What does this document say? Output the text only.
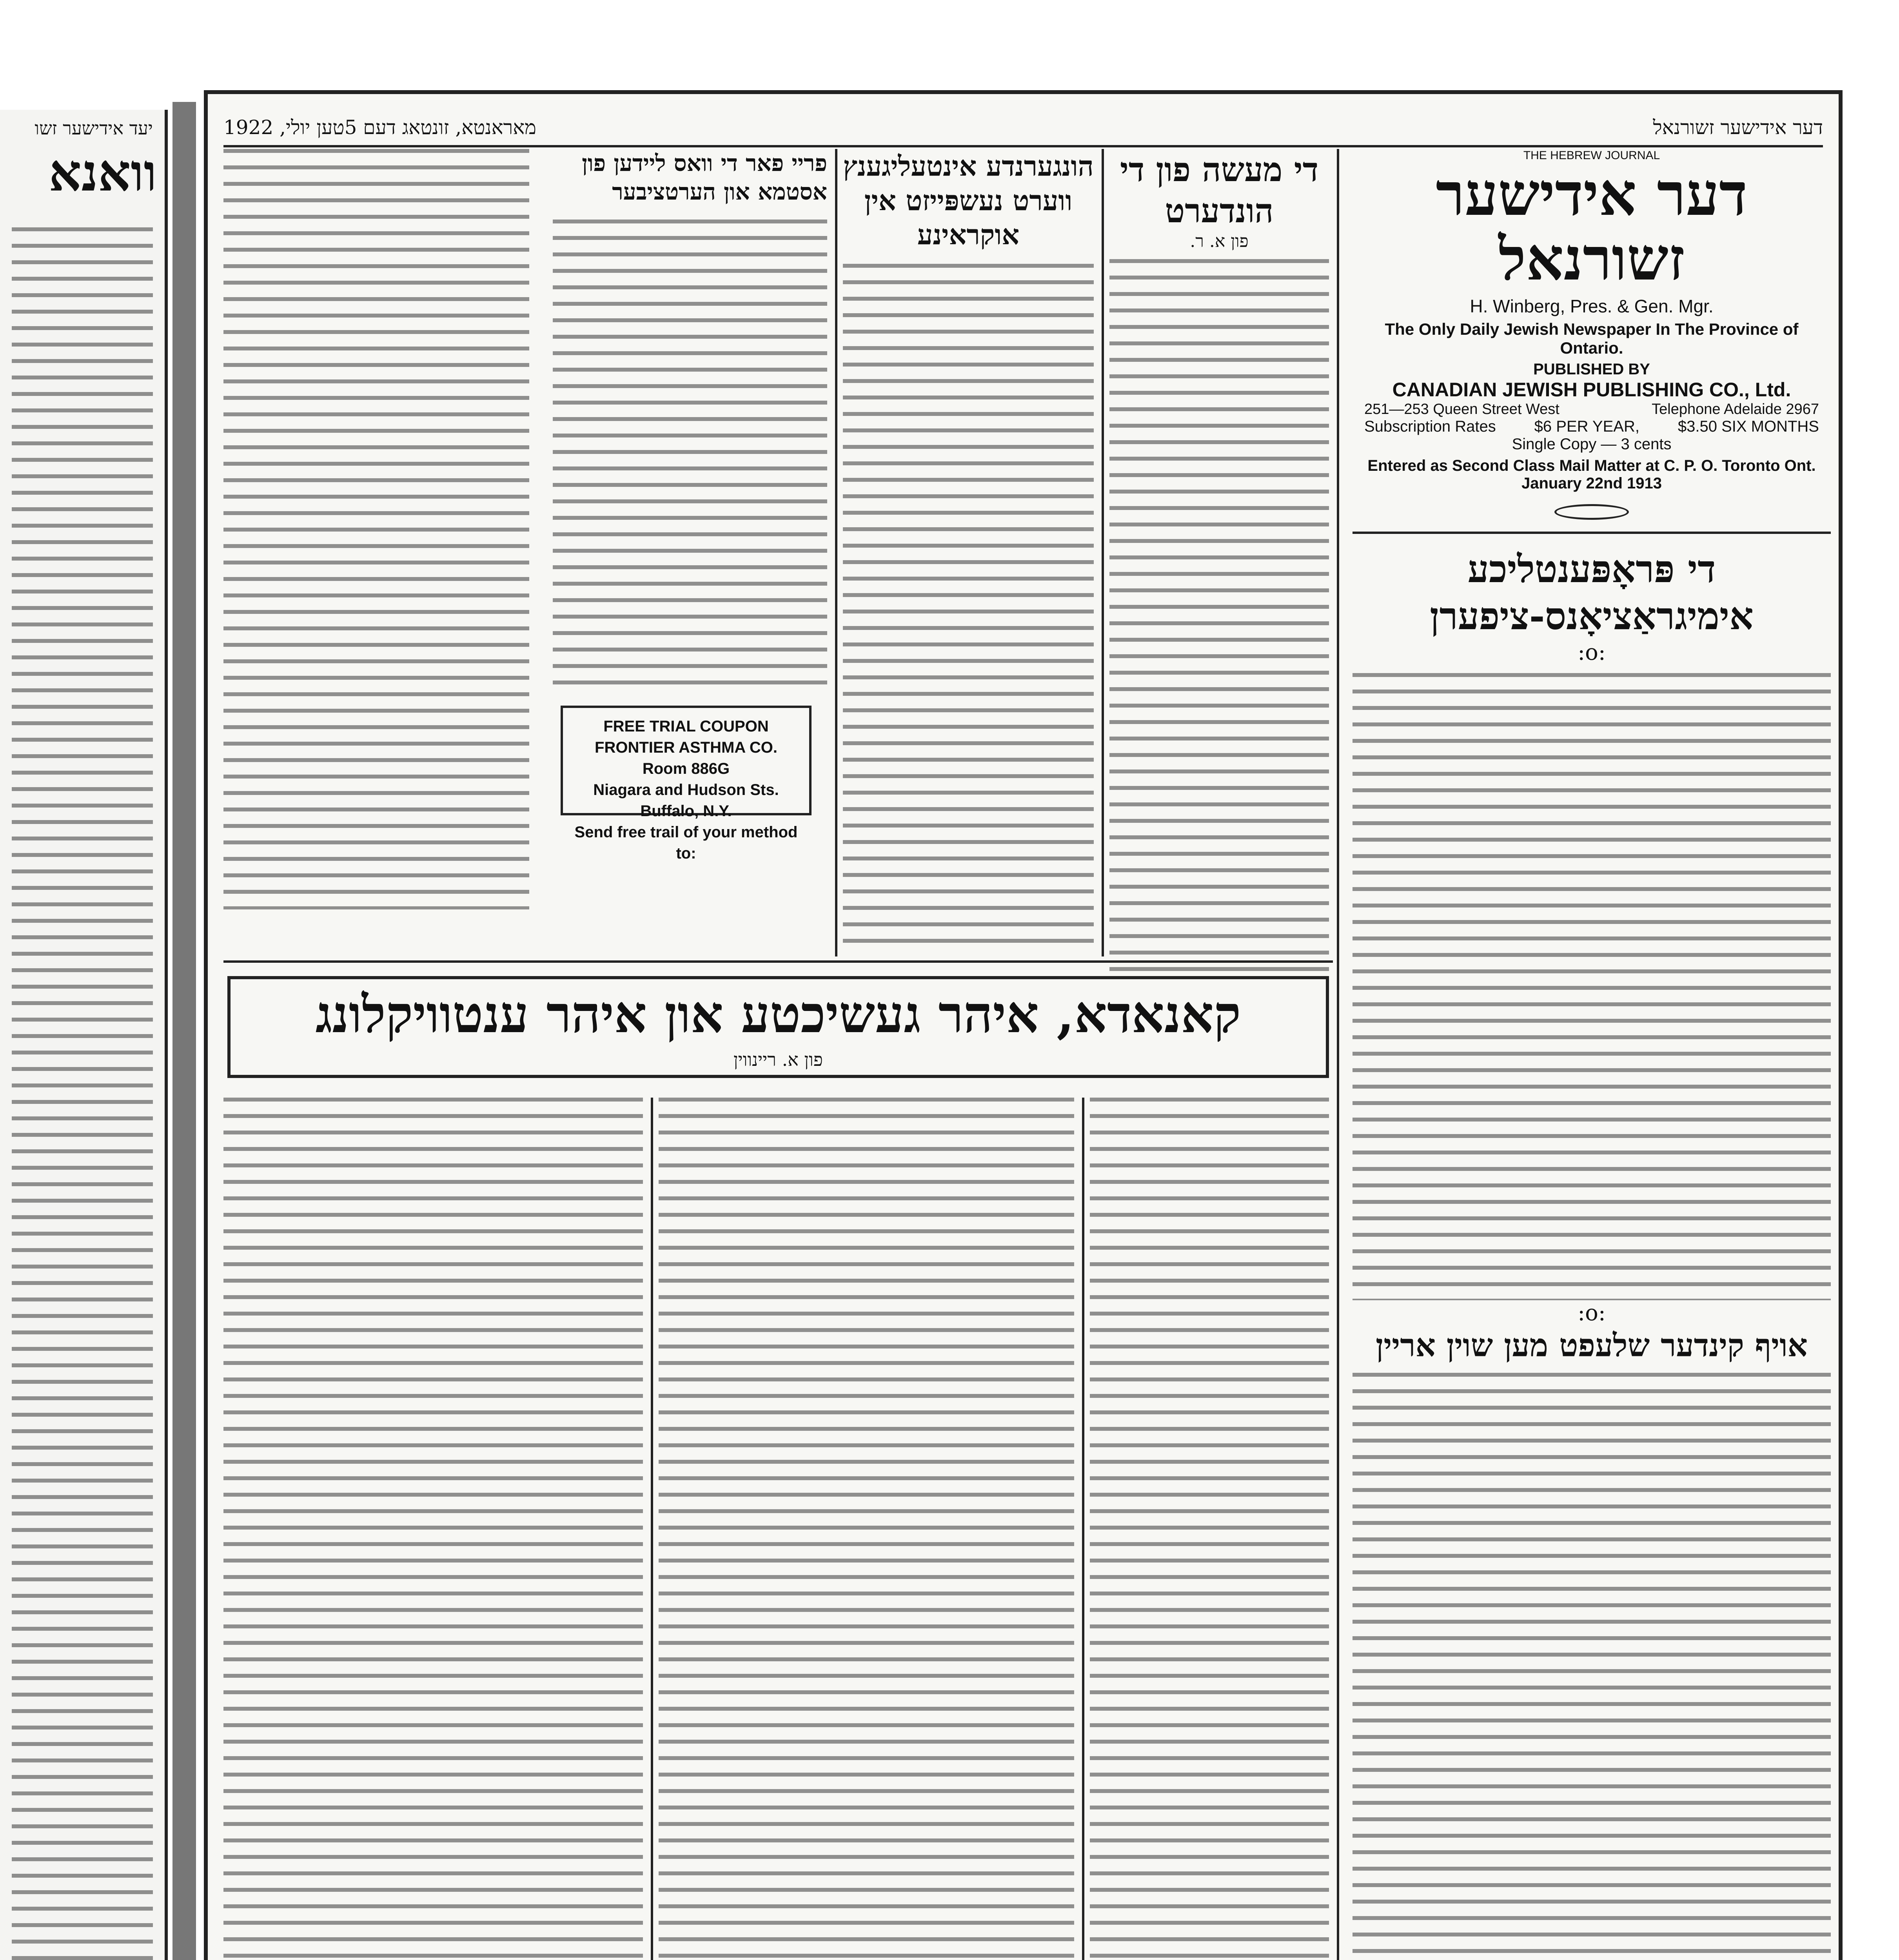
יעד אידישער זשו
וואנא
דער אידישער זשורנאל
מאראנטא, זונטאג דעם 5טען יולי, 1922
THE HEBREW JOURNAL
דער אידישער זשורנאל
H. Winberg, Pres. & Gen. Mgr.
The Only Daily Jewish Newspaper In The Province of Ontario.
PUBLISHED BY
CANADIAN JEWISH PUBLISHING CO., Ltd.
251—253 Queen Street West	Telephone Adelaide 2967
Subscription Rates $6 PER YEAR, $3.50 SIX MONTHS
Single Copy — 3 cents
Entered as Second Class Mail Matter at C. P. O. Toronto Ont.
January 22nd 1913
די פּראָפּענטליכע אימיגראַציאָנס-ציפערן
:o:
:o:
אויף קינדער שלעפט מען שוין אריין
די מעשה פון די הונדערט
פון א. ר.
הונגערנדע אינטעליגענץ ווערט נעשפּייזט אין אוקראינע
פריי פאר די וואס ליידען פון אסטמא און הערטציבער
FREE TRIAL COUPON
FRONTIER ASTHMA CO. Room 886G
Niagara and Hudson Sts. Buffalo, N.Y.
Send free trail of your method to:
קאנאדא, איהר געשיכטע און איהר ענטוויקלונג
פון א. ריינווין
